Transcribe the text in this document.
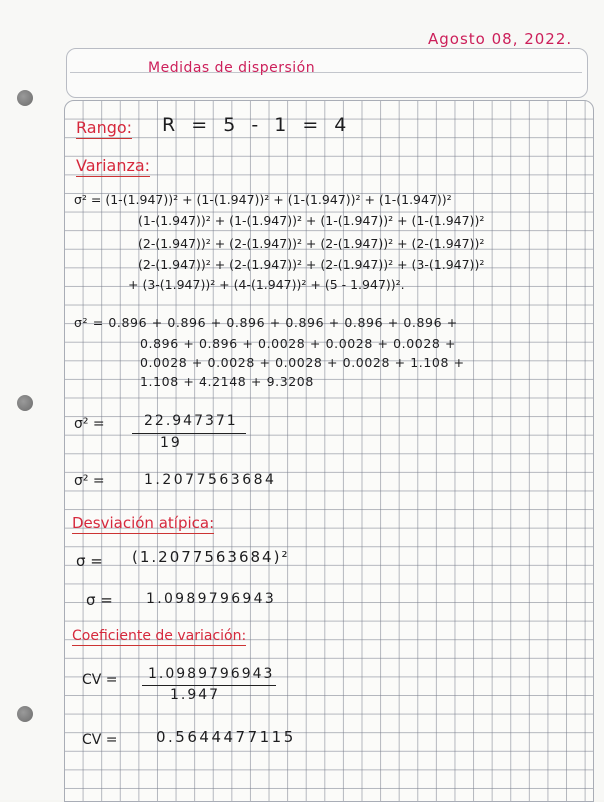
Agosto 08, 2022.
Medidas de dispersión
Rango: R = 5 - 1 = 4
Varianza:
σ² = (1-(1.947))² + (1-(1.947))² + (1-(1.947))² + (1-(1.947))²
(1-(1.947))² + (1-(1.947))² + (1-(1.947))² + (1-(1.947))²
(2-(1.947))² + (2-(1.947))² + (2-(1.947))² + (2-(1.947))²
(2-(1.947))² + (2-(1.947))² + (2-(1.947))² + (3-(1.947))²
+ (3-(1.947))² + (4-(1.947))² + (5 - 1.947))².
σ² = 0.896 + 0.896 + 0.896 + 0.896 + 0.896 + 0.896 +
0.896 + 0.896 + 0.0028 + 0.0028 + 0.0028 +
0.0028 + 0.0028 + 0.0028 + 0.0028 + 1.108 +
1.108 + 4.2148 + 9.3208
σ² =	22.947371
19
σ² =	1.2077563684
Desviación atípica:
σ = (1.2077563684)²
σ = 1.0989796943
Coeficiente de variación:
CV = 1.0989796943
1.947
CV =	0.5644477115
